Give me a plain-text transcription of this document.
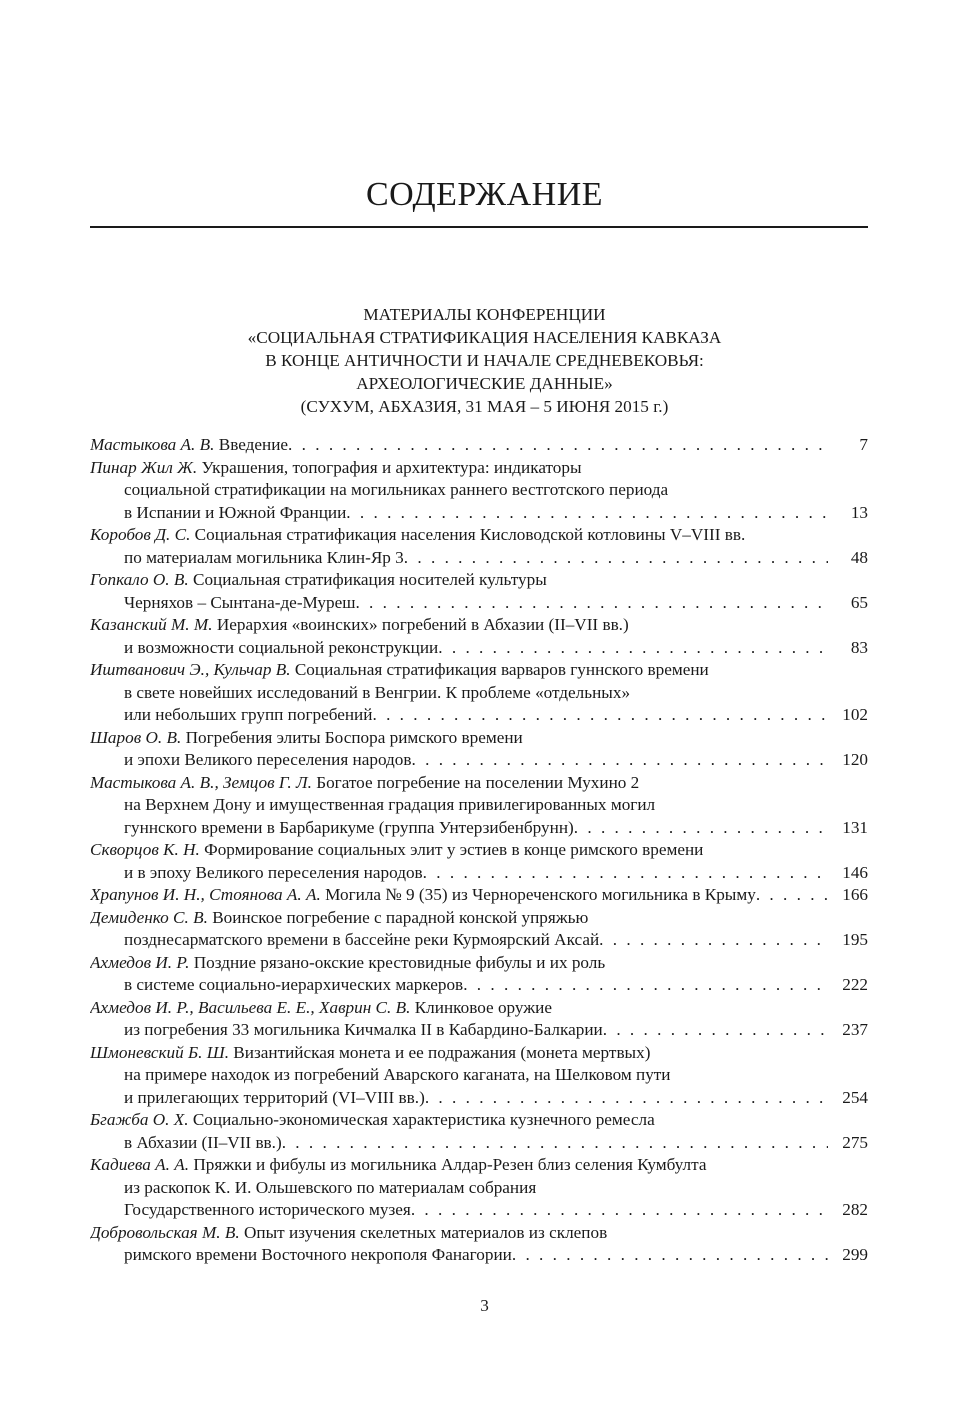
СОДЕРЖАНИЕ
МАТЕРИАЛЫ КОНФЕРЕНЦИИ
«СОЦИАЛЬНАЯ СТРАТИФИКАЦИЯ НАСЕЛЕНИЯ КАВКАЗА
В КОНЦЕ АНТИЧНОСТИ И НАЧАЛЕ СРЕДНЕВЕКОВЬЯ:
АРХЕОЛОГИЧЕСКИЕ ДАННЫЕ»
(СУХУМ, АБХАЗИЯ, 31 МАЯ – 5 ИЮНЯ 2015 г.)
Мастыкова А. В. Введение . . .	7
Пинар Жил Ж. Украшения, топография и архитектура: индикаторы
социальной стратификации на могильниках раннего вестготского периода
в Испании и Южной Франции . . .	13
Коробов Д. С. Социальная стратификация населения Кисловодской котловины V–VIII вв.
по материалам могильника Клин-Яр 3 . . .	48
Гопкало О. В. Социальная стратификация носителей культуры
Черняхов – Сынтана-де-Муреш . . .	65
Казанский М. М. Иерархия «воинских» погребений в Абхазии (II–VII вв.)
и возможности социальной реконструкции . . .	83
Иштванович Э., Кульчар В. Социальная стратификация варваров гуннского времени
в свете новейших исследований в Венгрии. К проблеме «отдельных»
или небольших групп погребений . . .	102
Шаров О. В. Погребения элиты Боспора римского времени
и эпохи Великого переселения народов . . .	120
Мастыкова А. В., Земцов Г. Л. Богатое погребение на поселении Мухино 2
на Верхнем Дону и имущественная градация привилегированных могил
гуннского времени в Барбарикуме (группа Унтерзибенбрунн) . . .	131
Скворцов К. Н. Формирование социальных элит у эстиев в конце римского времени
и в эпоху Великого переселения народов . . .	146
Храпунов И. Н., Стоянова А. А. Могила № 9 (35) из Чернореченского могильника в Крыму . . .	166
Демиденко С. В. Воинское погребение с парадной конской упряжью
позднесарматского времени в бассейне реки Курмоярский Аксай . . .	195
Ахмедов И. Р. Поздние рязано-окские крестовидные фибулы и их роль
в системе социально-иерархических маркеров . . .	222
Ахмедов И. Р., Васильева Е. Е., Хаврин С. В. Клинковое оружие
из погребения 33 могильника Кичмалка II в Кабардино-Балкарии . . .	237
Шмоневский Б. Ш. Византийская монета и ее подражания (монета мертвых)
на примере находок из погребений Аварского каганата, на Шелковом пути
и прилегающих территорий (VI–VIII вв.) . . .	254
Бгажба О. Х. Социально-экономическая характеристика кузнечного ремесла
в Абхазии (II–VII вв.) . . .	275
Кадиева А. А. Пряжки и фибулы из могильника Алдар-Резен близ селения Кумбулта
из раскопок К. И. Ольшевского по материалам собрания
Государственного исторического музея . . .	282
Добровольская М. В. Опыт изучения скелетных материалов из склепов
римского времени Восточного некрополя Фанагории . . .	299
3
